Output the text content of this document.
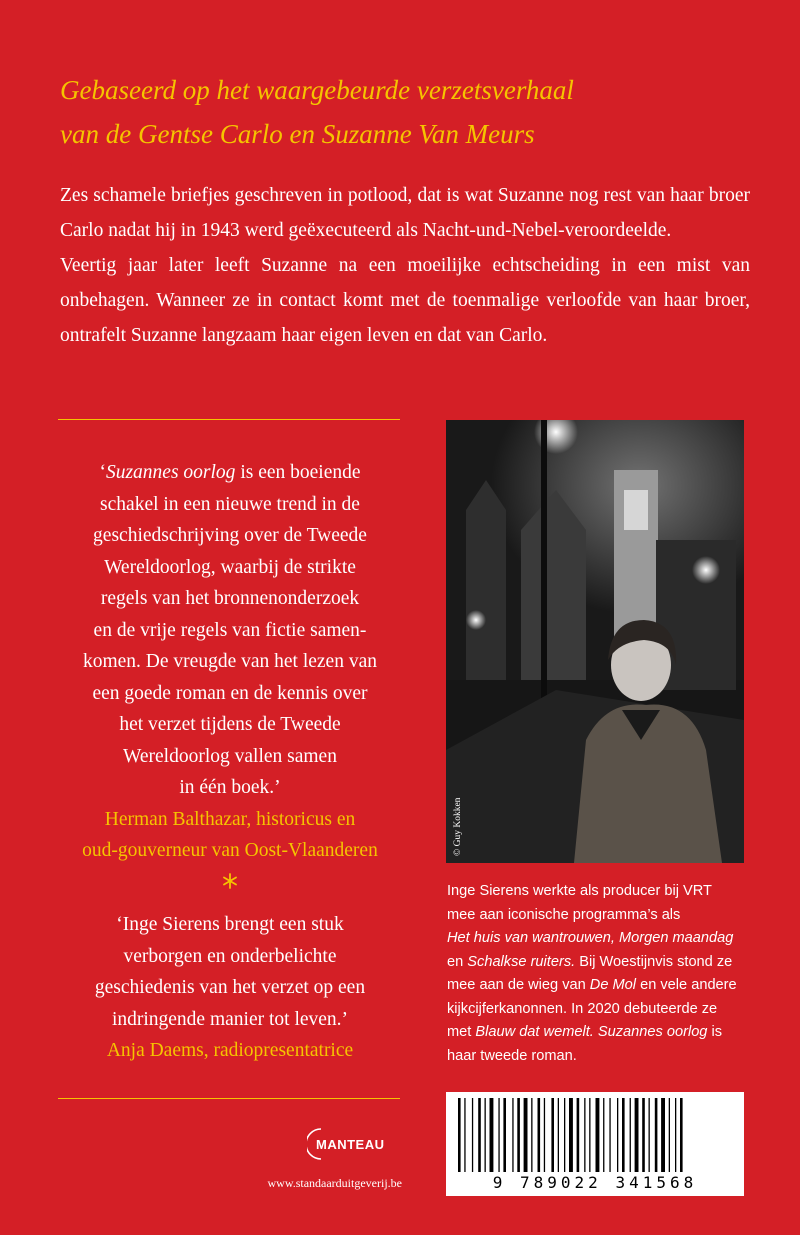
Gebaseerd op het waargebeurde verzetsverhaal
van de Gentse Carlo en Suzanne Van Meurs

Zes schamele briefjes geschreven in potlood, dat is wat Suzanne nog rest van haar broer Carlo nadat hij in 1943 werd geëxecuteerd als Nacht-und-Nebel-veroordeelde.

Veertig jaar later leeft Suzanne na een moeilijke echtscheiding in een mist van onbehagen. Wanneer ze in contact komt met de toenmalige verloofde van haar broer, ontrafelt Suzanne langzaam haar eigen leven en dat van Carlo.

‘Suzannes oorlog is een boeiende
schakel in een nieuwe trend in de
geschiedschrijving over de Tweede
Wereldoorlog, waarbij de strikte
regels van het bronnenonderzoek
en de vrije regels van fictie samen-
komen. De vreugde van het lezen van
een goede roman en de kennis over
het verzet tijdens de Tweede
Wereldoorlog vallen samen
in één boek.’
Herman Balthazar, historicus en
oud-gouverneur van Oost-Vlaanderen
‘Inge Sierens brengt een stuk
verborgen en onderbelichte
geschiedenis van het verzet op een
indringende manier tot leven.’
Anja Daems, radiopresentatrice
© Guy Kokken
Inge Sierens werkte als producer bij VRT
mee aan iconische programma’s als
Het huis van wantrouwen, Morgen maandag
en Schalkse ruiters. Bij Woestijnvis stond ze
mee aan de wieg van De Mol en vele andere
kijkcijferkanonnen. In 2020 debuteerde ze
met Blauw dat wemelt. Suzannes oorlog is
haar tweede roman.
9 789022 341568
MANTEAU
www.standaarduitgeverij.be
